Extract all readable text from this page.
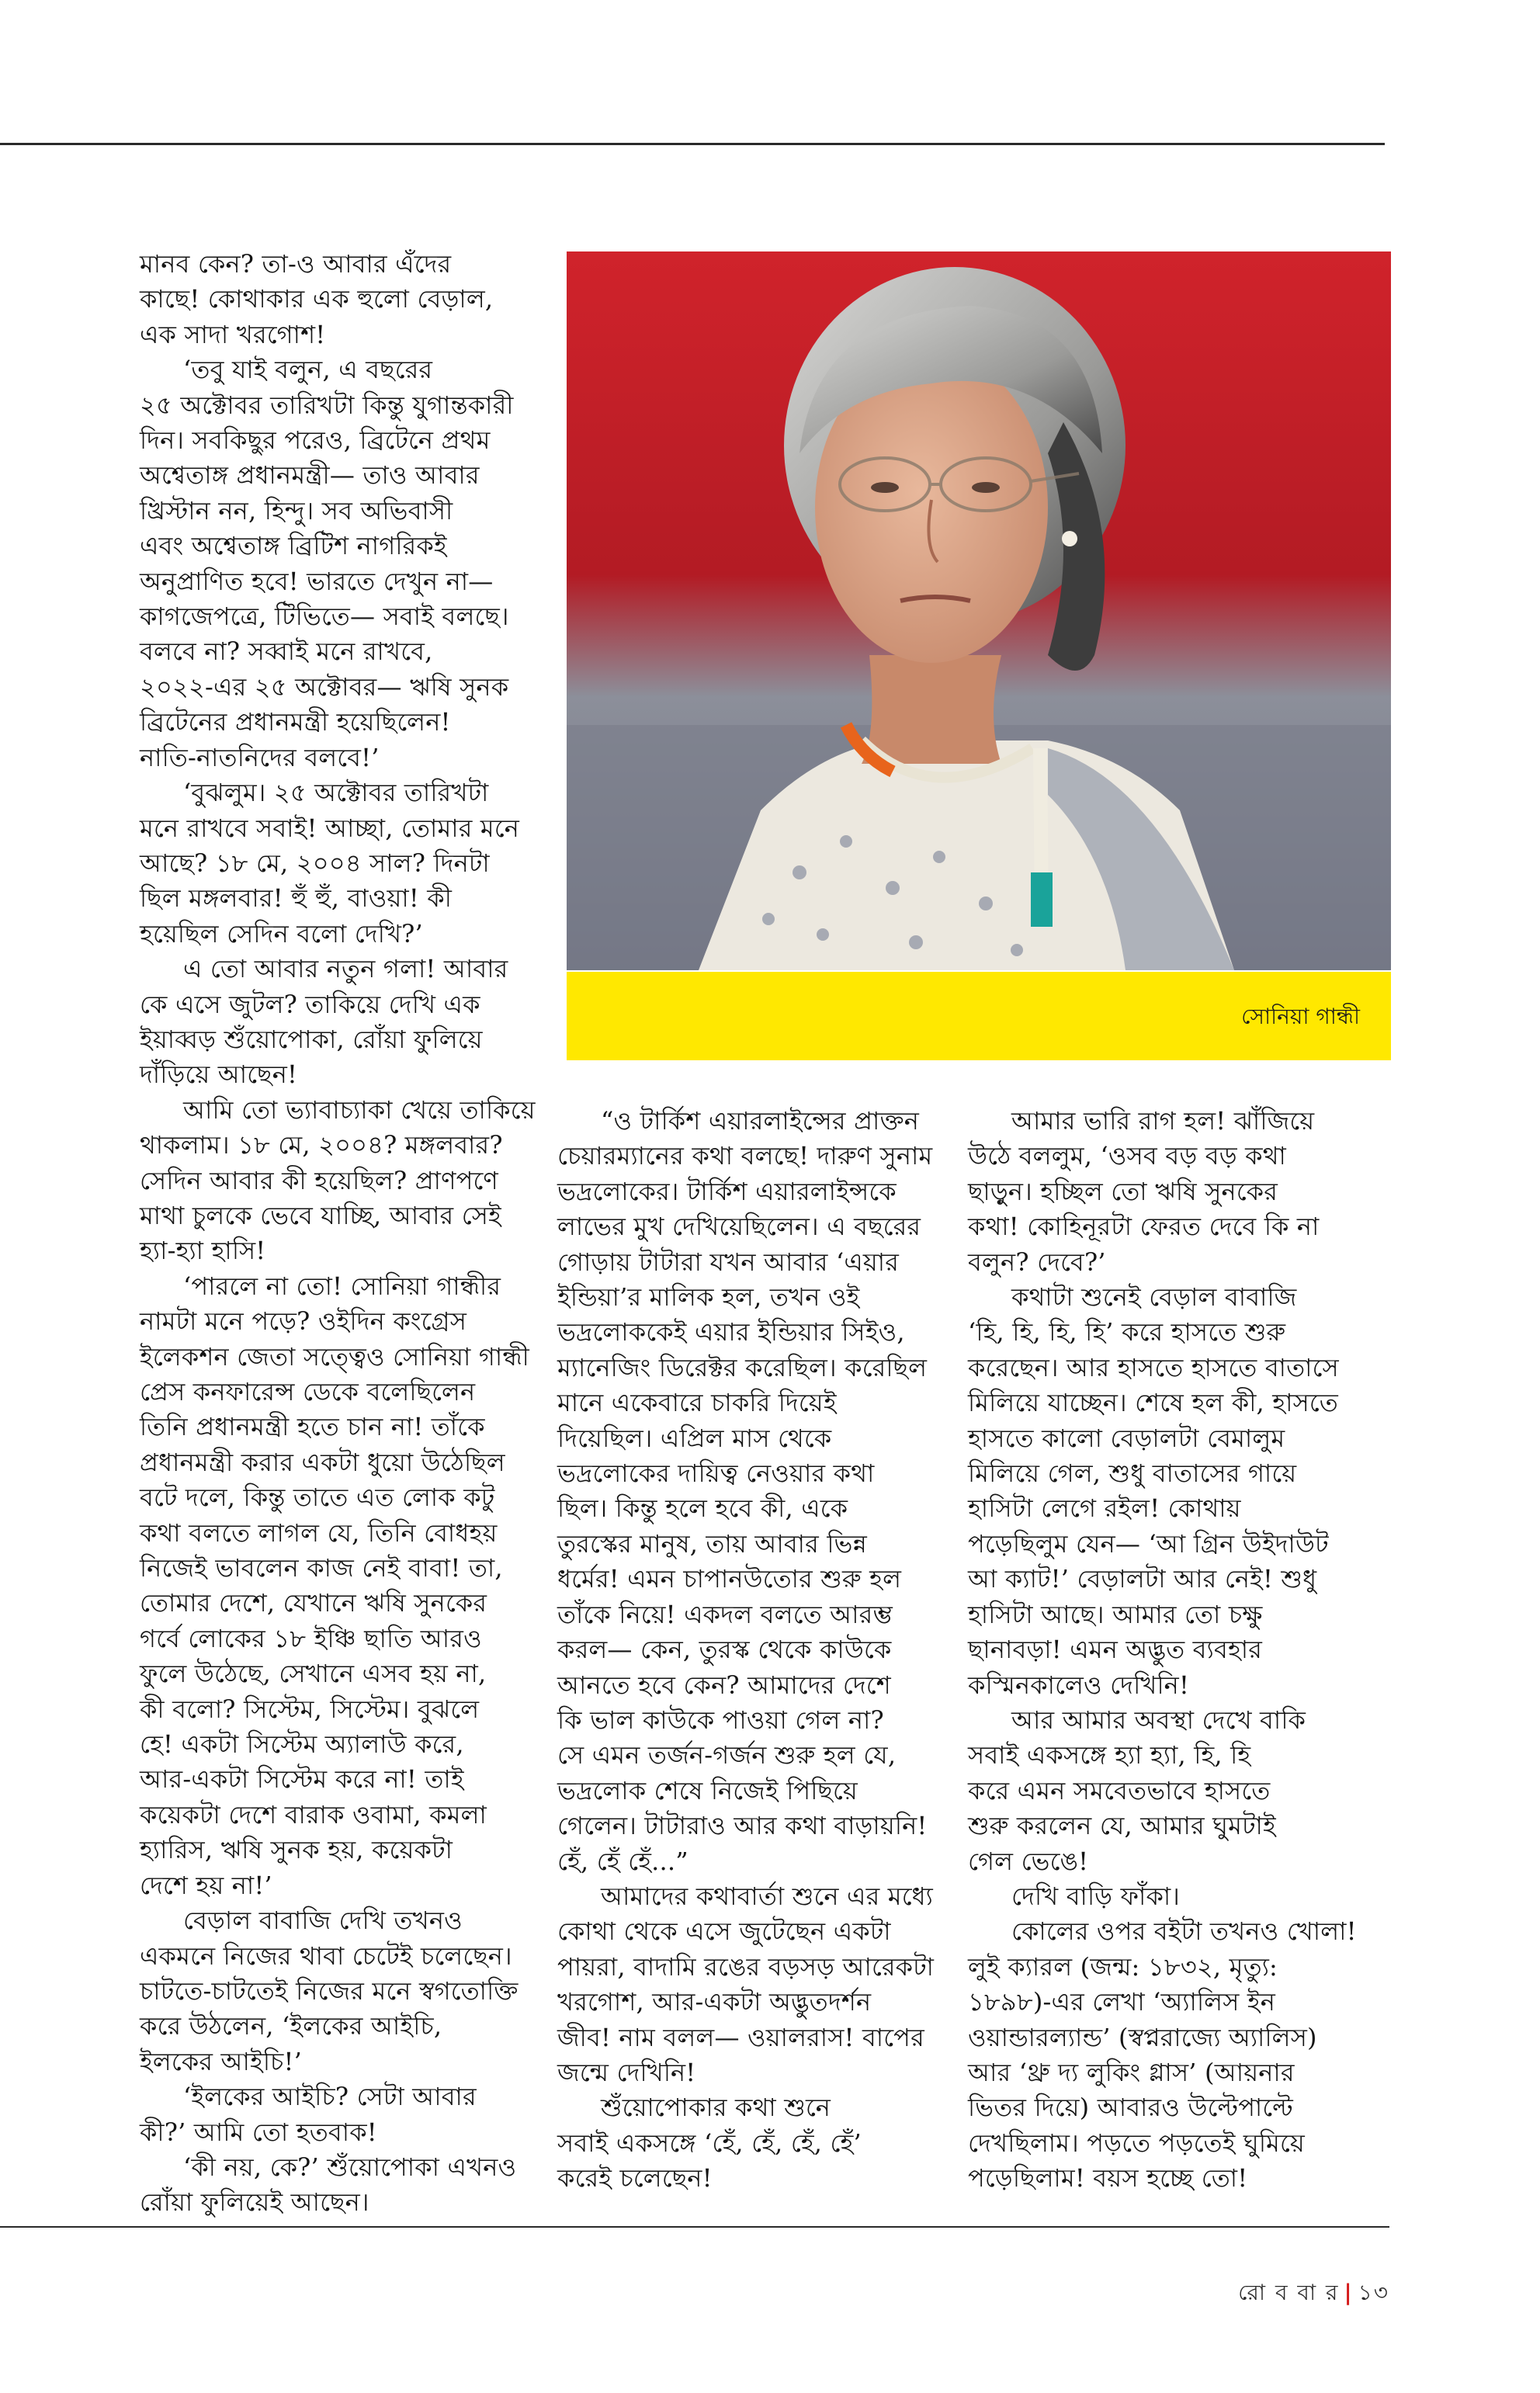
মানব কেন? তা-ও আবার এঁদের

কাছে! কোথাকার এক হুলো বেড়াল,

এক সাদা খরগোশ!

‘তবু যাই বলুন, এ বছরের

২৫ অক্টোবর তারিখটা কিন্তু যুগান্তকারী

দিন। সবকিছুর পরেও, ব্রিটেনে প্রথম

অশ্বেতাঙ্গ প্রধানমন্ত্রী— তাও আবার

খ্রিস্টান নন, হিন্দু। সব অভিবাসী

এবং অশ্বেতাঙ্গ ব্রিটিশ নাগরিকই

অনুপ্রাণিত হবে! ভারতে দেখুন না—

কাগজেপত্রে, টিভিতে— সবাই বলছে।

বলবে না? সব্বাই মনে রাখবে,

২০২২-এর ২৫ অক্টোবর— ঋষি সুনক

ব্রিটেনের প্রধানমন্ত্রী হয়েছিলেন!

নাতি-নাতনিদের বলবে!’

‘বুঝলুম। ২৫ অক্টোবর তারিখটা

মনে রাখবে সবাই! আচ্ছা, তোমার মনে

আছে? ১৮ মে, ২০০৪ সাল? দিনটা

ছিল মঙ্গলবার! হুঁ হুঁ, বাওয়া! কী

হয়েছিল সেদিন বলো দেখি?’

এ তো আবার নতুন গলা! আবার

কে এসে জুটল? তাকিয়ে দেখি এক

ইয়াব্বড় শুঁয়োপোকা, রোঁয়া ফুলিয়ে

দাঁড়িয়ে আছেন!

আমি তো ভ্যাবাচ্যাকা খেয়ে তাকিয়ে

থাকলাম। ১৮ মে, ২০০৪? মঙ্গলবার?

সেদিন আবার কী হয়েছিল? প্রাণপণে

মাথা চুলকে ভেবে যাচ্ছি, আবার সেই

হ্যা-হ্যা হাসি!

‘পারলে না তো! সোনিয়া গান্ধীর

নামটা মনে পড়ে? ওইদিন কংগ্রেস

ইলেকশন জেতা সত্ত্বেও সোনিয়া গান্ধী

প্রেস কনফারেন্স ডেকে বলেছিলেন

তিনি প্রধানমন্ত্রী হতে চান না! তাঁকে

প্রধানমন্ত্রী করার একটা ধুয়ো উঠেছিল

বটে দলে, কিন্তু তাতে এত লোক কটু

কথা বলতে লাগল যে, তিনি বোধহয়

নিজেই ভাবলেন কাজ নেই বাবা! তা,

তোমার দেশে, যেখানে ঋষি সুনকের

গর্বে লোকের ১৮ ইঞ্চি ছাতি আরও

ফুলে উঠেছে, সেখানে এসব হয় না,

কী বলো? সিস্টেম, সিস্টেম। বুঝলে

হে! একটা সিস্টেম অ্যালাউ করে,

আর-একটা সিস্টেম করে না! তাই

কয়েকটা দেশে বারাক ওবামা, কমলা

হ্যারিস, ঋষি সুনক হয়, কয়েকটা

দেশে হয় না!’

বেড়াল বাবাজি দেখি তখনও

একমনে নিজের থাবা চেটেই চলেছেন।

চাটতে-চাটতেই নিজের মনে স্বগতোক্তি

করে উঠলেন, ‘ইলকের আইচি,

ইলকের আইচি!’

‘ইলকের আইচি? সেটা আবার

কী?’ আমি তো হতবাক!

‘কী নয়, কে?’ শুঁয়োপোকা এখনও

রোঁয়া ফুলিয়েই আছেন।

সোনিয়া গান্ধী

“ও টার্কিশ এয়ারলাইন্সের প্রাক্তন

চেয়ারম্যানের কথা বলছে! দারুণ সুনাম

ভদ্রলোকের। টার্কিশ এয়ারলাইন্সকে

লাভের মুখ দেখিয়েছিলেন। এ বছরের

গোড়ায় টাটারা যখন আবার ‘এয়ার

ইন্ডিয়া’র মালিক হল, তখন ওই

ভদ্রলোককেই এয়ার ইন্ডিয়ার সিইও,

ম্যানেজিং ডিরেক্টর করেছিল। করেছিল

মানে একেবারে চাকরি দিয়েই

দিয়েছিল। এপ্রিল মাস থেকে

ভদ্রলোকের দায়িত্ব নেওয়ার কথা

ছিল। কিন্তু হলে হবে কী, একে

তুরস্কের মানুষ, তায় আবার ভিন্ন

ধর্মের! এমন চাপানউতোর শুরু হল

তাঁকে নিয়ে! একদল বলতে আরম্ভ

করল— কেন, তুরস্ক থেকে কাউকে

আনতে হবে কেন? আমাদের দেশে

কি ভাল কাউকে পাওয়া গেল না?

সে এমন তর্জন-গর্জন শুরু হল যে,

ভদ্রলোক শেষে নিজেই পিছিয়ে

গেলেন। টাটারাও আর কথা বাড়ায়নি!

হেঁ, হেঁ হেঁ...”

আমাদের কথাবার্তা শুনে এর মধ্যে

কোথা থেকে এসে জুটেছেন একটা

পায়রা, বাদামি রঙের বড়সড় আরেকটা

খরগোশ, আর-একটা অদ্ভুতদর্শন

জীব! নাম বলল— ওয়ালরাস! বাপের

জন্মে দেখিনি!

শুঁয়োপোকার কথা শুনে

সবাই একসঙ্গে ‘হেঁ, হেঁ, হেঁ, হেঁ’

করেই চলেছেন!

আমার ভারি রাগ হল! ঝাঁজিয়ে

উঠে বললুম, ‘ওসব বড় বড় কথা

ছাড়ুন। হচ্ছিল তো ঋষি সুনকের

কথা! কোহিনূরটা ফেরত দেবে কি না

বলুন? দেবে?’

কথাটা শুনেই বেড়াল বাবাজি

‘হি, হি, হি, হি’ করে হাসতে শুরু

করেছেন। আর হাসতে হাসতে বাতাসে

মিলিয়ে যাচ্ছেন। শেষে হল কী, হাসতে

হাসতে কালো বেড়ালটা বেমালুম

মিলিয়ে গেল, শুধু বাতাসের গায়ে

হাসিটা লেগে রইল! কোথায়

পড়েছিলুম যেন— ‘আ গ্রিন উইদাউট

আ ক্যাট!’ বেড়ালটা আর নেই! শুধু

হাসিটা আছে। আমার তো চক্ষু

ছানাবড়া! এমন অদ্ভুত ব্যবহার

কস্মিনকালেও দেখিনি!

আর আমার অবস্থা দেখে বাকি

সবাই একসঙ্গে হ্যা হ্যা, হি, হি

করে এমন সমবেতভাবে হাসতে

শুরু করলেন যে, আমার ঘুমটাই

গেল ভেঙে!

দেখি বাড়ি ফাঁকা।

কোলের ওপর বইটা তখনও খোলা!

লুই ক্যারল (জন্ম: ১৮৩২, মৃত্যু:

১৮৯৮)-এর লেখা ‘অ্যালিস ইন

ওয়ান্ডারল্যান্ড’ (স্বপ্নরাজ্যে অ্যালিস)

আর ‘থ্রু দ্য লুকিং গ্লাস’ (আয়নার

ভিতর দিয়ে) আবারও উল্টেপাল্টে

দেখছিলাম। পড়তে পড়তেই ঘুমিয়ে

পড়েছিলাম! বয়স হচ্ছে তো!

রো ব বা র | ১৩
